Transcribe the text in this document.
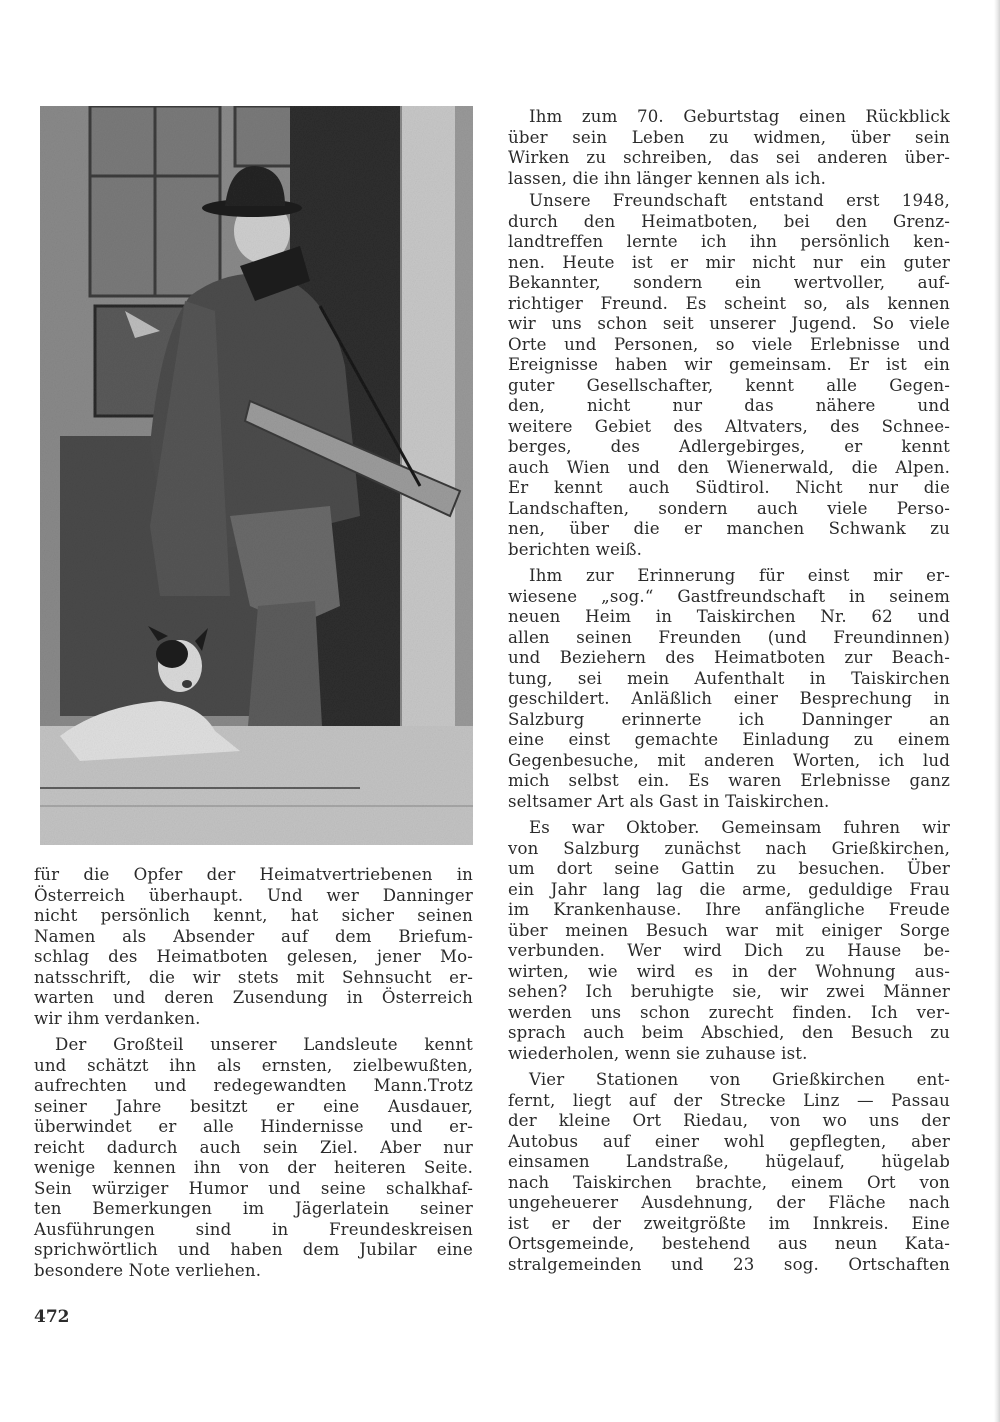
für die Opfer der Heimatvertriebenen in
Österreich überhaupt. Und wer Danninger
nicht persönlich kennt, hat sicher seinen
Namen als Absender auf dem Briefum-
schlag des Heimatboten gelesen, jener Mo-
natsschrift, die wir stets mit Sehnsucht er-
warten und deren Zusendung in Österreich
wir ihm verdanken.
Der Großteil unserer Landsleute kennt
und schätzt ihn als ernsten, zielbewußten,
aufrechten und redegewandten Mann.Trotz
seiner Jahre besitzt er eine Ausdauer,
überwindet er alle Hindernisse und er-
reicht dadurch auch sein Ziel. Aber nur
wenige kennen ihn von der heiteren Seite.
Sein würziger Humor und seine schalkhaf-
ten Bemerkungen im Jägerlatein seiner
Ausführungen sind in Freundeskreisen
sprichwörtlich und haben dem Jubilar eine
besondere Note verliehen.
Ihm zum 70. Geburtstag einen Rückblick
über sein Leben zu widmen, über sein
Wirken zu schreiben, das sei anderen über-
lassen, die ihn länger kennen als ich.
Unsere Freundschaft entstand erst 1948,
durch den Heimatboten, bei den Grenz-
landtreffen lernte ich ihn persönlich ken-
nen. Heute ist er mir nicht nur ein guter
Bekannter, sondern ein wertvoller, auf-
richtiger Freund. Es scheint so, als kennen
wir uns schon seit unserer Jugend. So viele
Orte und Personen, so viele Erlebnisse und
Ereignisse haben wir gemeinsam. Er ist ein
guter Gesellschafter, kennt alle Gegen-
den, nicht nur das nähere und
weitere Gebiet des Altvaters, des Schnee-
berges, des Adlergebirges, er kennt
auch Wien und den Wienerwald, die Alpen.
Er kennt auch Südtirol. Nicht nur die
Landschaften, sondern auch viele Perso-
nen, über die er manchen Schwank zu
berichten weiß.
Ihm zur Erinnerung für einst mir er-
wiesene „sog.“ Gastfreundschaft in seinem
neuen Heim in Taiskirchen Nr. 62 und
allen seinen Freunden (und Freundinnen)
und Beziehern des Heimatboten zur Beach-
tung, sei mein Aufenthalt in Taiskirchen
geschildert. Anläßlich einer Besprechung in
Salzburg erinnerte ich Danninger an
eine einst gemachte Einladung zu einem
Gegenbesuche, mit anderen Worten, ich lud
mich selbst ein. Es waren Erlebnisse ganz
seltsamer Art als Gast in Taiskirchen.
Es war Oktober. Gemeinsam fuhren wir
von Salzburg zunächst nach Grießkirchen,
um dort seine Gattin zu besuchen. Über
ein Jahr lang lag die arme, geduldige Frau
im Krankenhause. Ihre anfängliche Freude
über meinen Besuch war mit einiger Sorge
verbunden. Wer wird Dich zu Hause be-
wirten, wie wird es in der Wohnung aus-
sehen? Ich beruhigte sie, wir zwei Männer
werden uns schon zurecht finden. Ich ver-
sprach auch beim Abschied, den Besuch zu
wiederholen, wenn sie zuhause ist.
Vier Stationen von Grießkirchen ent-
fernt, liegt auf der Strecke Linz — Passau
der kleine Ort Riedau, von wo uns der
Autobus auf einer wohl gepflegten, aber
einsamen Landstraße, hügelauf, hügelab
nach Taiskirchen brachte, einem Ort von
ungeheuerer Ausdehnung, der Fläche nach
ist er der zweitgrößte im Innkreis. Eine
Ortsgemeinde, bestehend aus neun Kata-
stralgemeinden und 23 sog. Ortschaften
472
